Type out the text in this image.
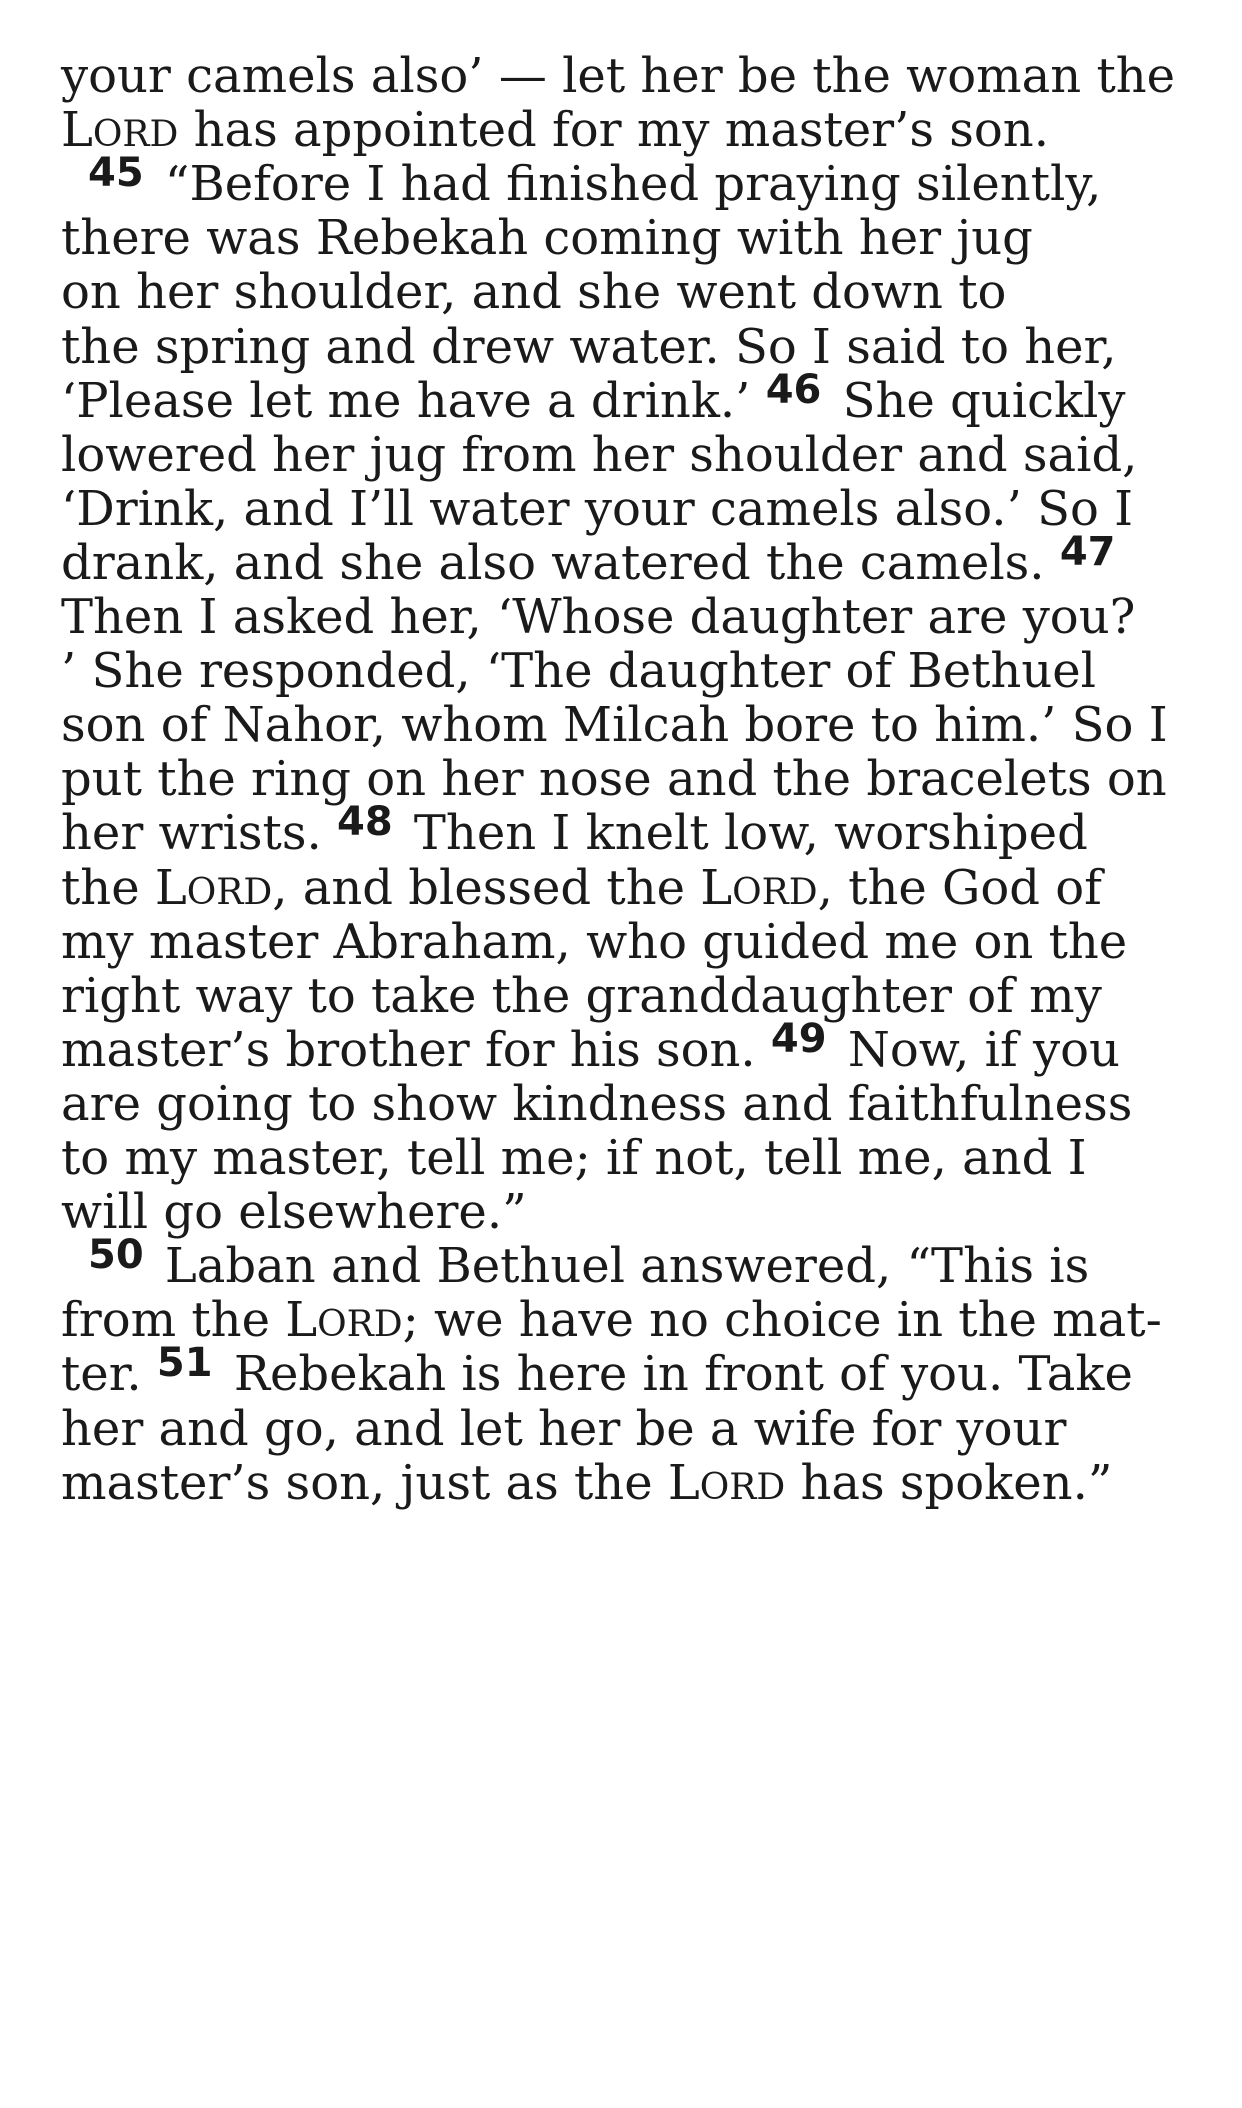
your camels also’ — let her be the woman the
LORD has appointed for my master’s son.
$^{45}$ “Before I had finished praying silently,
there was Rebekah coming with her jug
on her shoulder, and she went down to
the spring and drew water. So I said to her,
‘Please let me have a drink.’ $^{46}$ She quickly
lowered her jug from her shoulder and said,
‘Drink, and I’ll water your camels also.’ So I
drank, and she also watered the camels. $^{47}$
Then I asked her, ‘Whose daughter are you?
’ She responded, ‘The daughter of Bethuel
son of Nahor, whom Milcah bore to him.’ So I
put the ring on her nose and the bracelets on
her wrists. $^{48}$ Then I knelt low, worshiped
the LORD, and blessed the LORD, the God of
my master Abraham, who guided me on the
right way to take the granddaughter of my
master’s brother for his son. $^{49}$ Now, if you
are going to show kindness and faithfulness
to my master, tell me; if not, tell me, and I
will go elsewhere.”
$^{50}$ Laban and Bethuel answered, “This is
from the LORD; we have no choice in the mat-
ter. $^{51}$ Rebekah is here in front of you. Take
her and go, and let her be a wife for your
master’s son, just as the LORD has spoken.”
